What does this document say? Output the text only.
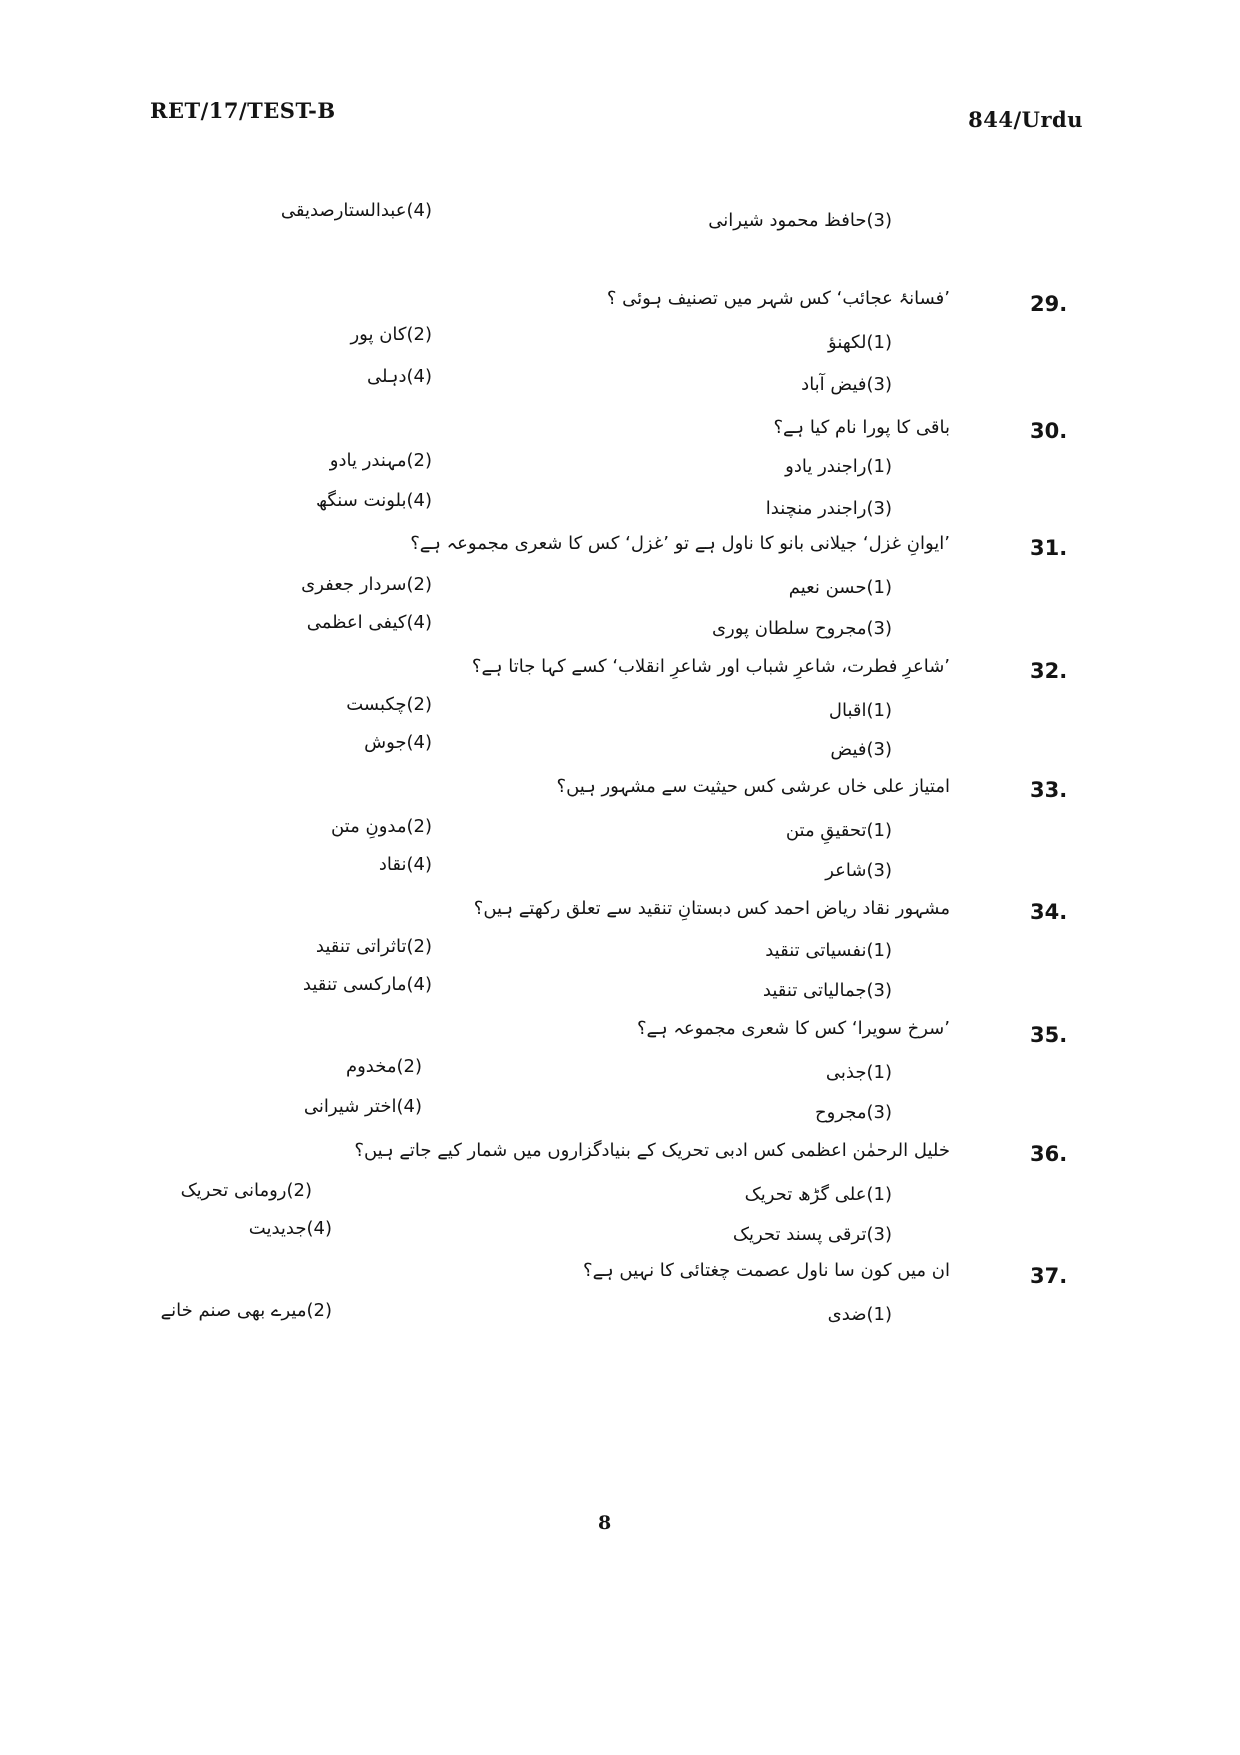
RET/17/TEST-B	844/Urdu
(4)عبدالستارصدیقی	(3)حافظ محمود شیرانی
29.
’فسانۂ عجائب‘ کس شہر میں تصنیف ہوئی ؟
(1)لکھنؤ
(2)کان پور
(3)فیض آباد
(4)دہلی
30.
باقی کا پورا نام کیا ہے؟
(1)راجندر یادو
(2)مہندر یادو
(3)راجندر منچندا
(4)بلونت سنگھ
31.
’ایوانِ غزل‘ جیلانی بانو کا ناول ہے تو ’غزل‘ کس کا شعری مجموعہ ہے؟
(1)حسن نعیم
(2)سردار جعفری
(3)مجروح سلطان پوری
(4)کیفی اعظمی
32.
’شاعرِ فطرت، شاعرِ شباب اور شاعرِ انقلاب‘ کسے کہا جاتا ہے؟
(1)اقبال
(2)چکبست
(3)فیض
(4)جوش
33.
امتیاز علی خاں عرشی کس حیثیت سے مشہور ہیں؟
(1)تحقیقِ متن
(2)مدونِ متن
(3)شاعر
(4)نقاد
34.
مشہور نقاد ریاض احمد کس دبستانِ تنقید سے تعلق رکھتے ہیں؟
(1)نفسیاتی تنقید
(2)تاثراتی تنقید
(3)جمالیاتی تنقید
(4)مارکسی تنقید
35.
’سرخ سویرا‘ کس کا شعری مجموعہ ہے؟
(1)جذبی
(2)مخدوم
(3)مجروح
(4)اختر شیرانی
36.
خلیل الرحمٰن اعظمی کس ادبی تحریک کے بنیادگزاروں میں شمار کیے جاتے ہیں؟
(1)علی گڑھ تحریک
(2)رومانی تحریک
(3)ترقی پسند تحریک
(4)جدیدیت
37.
ان میں کون سا ناول عصمت چغتائی کا نہیں ہے؟
(1)ضدی
(2)میرے بھی صنم خانے
8
